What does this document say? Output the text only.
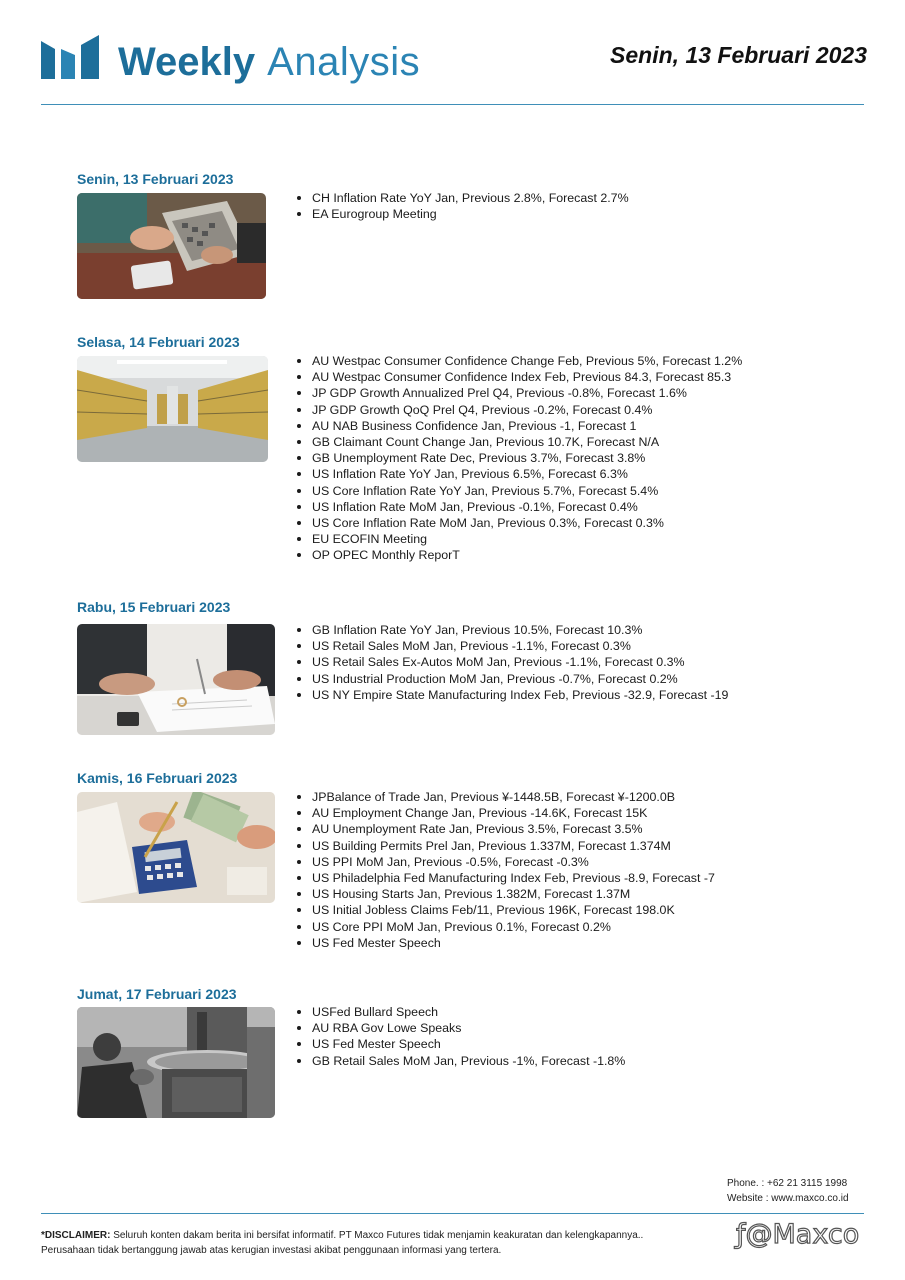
Weekly Analysis	Senin, 13 Februari 2023
Senin, 13 Februari 2023
CH Inflation Rate YoY Jan, Previous 2.8%, Forecast 2.7%
EA Eurogroup Meeting
Selasa, 14 Februari 2023
AU Westpac Consumer Confidence Change Feb, Previous 5%, Forecast 1.2%
AU Westpac Consumer Confidence Index Feb, Previous 84.3, Forecast 85.3
JP GDP Growth Annualized Prel Q4, Previous -0.8%, Forecast 1.6%
JP GDP Growth QoQ Prel Q4, Previous -0.2%, Forecast 0.4%
AU NAB Business Confidence Jan, Previous -1, Forecast 1
GB Claimant Count Change Jan, Previous 10.7K, Forecast N/A
GB Unemployment Rate Dec, Previous 3.7%, Forecast 3.8%
US Inflation Rate YoY Jan, Previous 6.5%, Forecast 6.3%
US Core Inflation Rate YoY Jan, Previous 5.7%, Forecast 5.4%
US Inflation Rate MoM Jan, Previous -0.1%, Forecast 0.4%
US Core Inflation Rate MoM Jan, Previous 0.3%, Forecast 0.3%
EU ECOFIN Meeting
OP OPEC Monthly ReporT
Rabu, 15 Februari 2023
GB Inflation Rate YoY Jan, Previous 10.5%, Forecast 10.3%
US Retail Sales MoM Jan, Previous -1.1%, Forecast 0.3%
US Retail Sales Ex-Autos MoM Jan, Previous -1.1%, Forecast 0.3%
US Industrial Production MoM Jan, Previous -0.7%, Forecast 0.2%
US NY Empire State Manufacturing Index Feb, Previous -32.9, Forecast -19
Kamis, 16 Februari 2023
JPBalance of Trade Jan, Previous ¥-1448.5B, Forecast ¥-1200.0B
AU Employment Change Jan, Previous -14.6K, Forecast 15K
AU Unemployment Rate Jan, Previous 3.5%, Forecast 3.5%
US Building Permits Prel Jan, Previous 1.337M, Forecast 1.374M
US PPI MoM Jan, Previous -0.5%, Forecast -0.3%
US Philadelphia Fed Manufacturing Index Feb, Previous -8.9, Forecast -7
US Housing Starts Jan, Previous 1.382M, Forecast 1.37M
US Initial Jobless Claims Feb/11, Previous 196K, Forecast 198.0K
US Core PPI MoM Jan, Previous 0.1%, Forecast 0.2%
US Fed Mester Speech
Jumat, 17 Februari 2023
USFed Bullard Speech
AU RBA Gov Lowe Speaks
US Fed Mester Speech
GB Retail Sales MoM Jan, Previous -1%, Forecast -1.8%
Phone. : +62 21 3115 1998
Website : www.maxco.co.id
*DISCLAIMER: Seluruh konten dakam berita ini bersifat informatif. PT Maxco Futures tidak menjamin keakuratan dan kelengkapannya..
Perusahaan tidak bertanggung jawab atas kerugian investasi akibat penggunaan informasi yang tertera.
ƒ@Maxco
